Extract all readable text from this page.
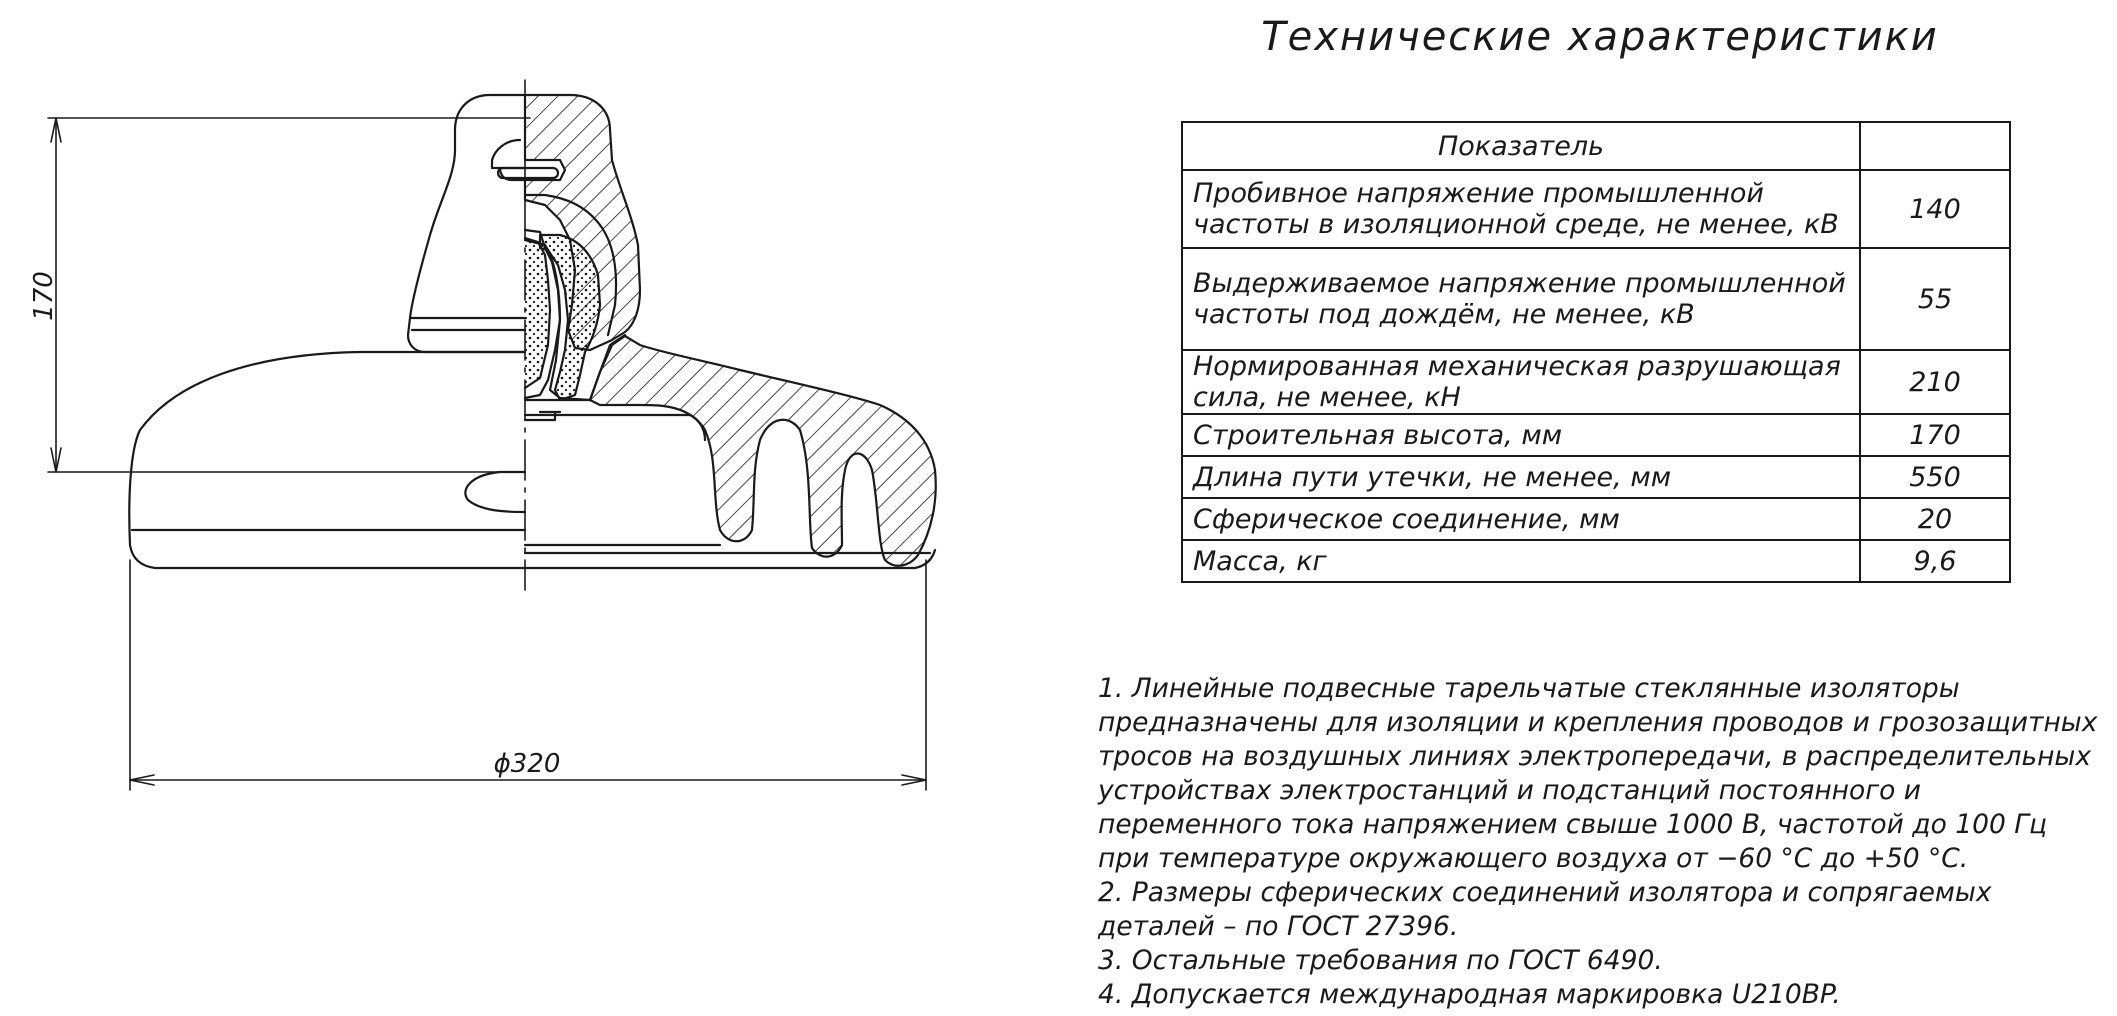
170
ϕ320
Технические характеристики
Показатель	
Пробивное напряжение промышленной частоты в изоляционной среде, не менее, кВ	140
Выдерживаемое напряжение промышленной частоты под дождём, не менее, кВ	55
Нормированная механическая разрушающая сила, не менее, кН	210
Строительная высота, мм	170
Длина пути утечки, не менее, мм	550
Сферическое соединение, мм	20
Масса, кг	9,6

1. Линейные подвесные тарельчатые стеклянные изоляторы предназначены для изоляции и крепления проводов и грозозащитных тросов на воздушных линиях электропередачи, в распределительных устройствах электростанций и подстанций постоянного и переменного тока напряжением свыше 1000 В, частотой до 100 Гц при температуре окружающего воздуха от −60 °С до +50 °С.

2. Размеры сферических соединений изолятора и сопрягаемых деталей – по ГОСТ 27396.

3. Остальные требования по ГОСТ 6490.

4. Допускается международная маркировка U210BP.
